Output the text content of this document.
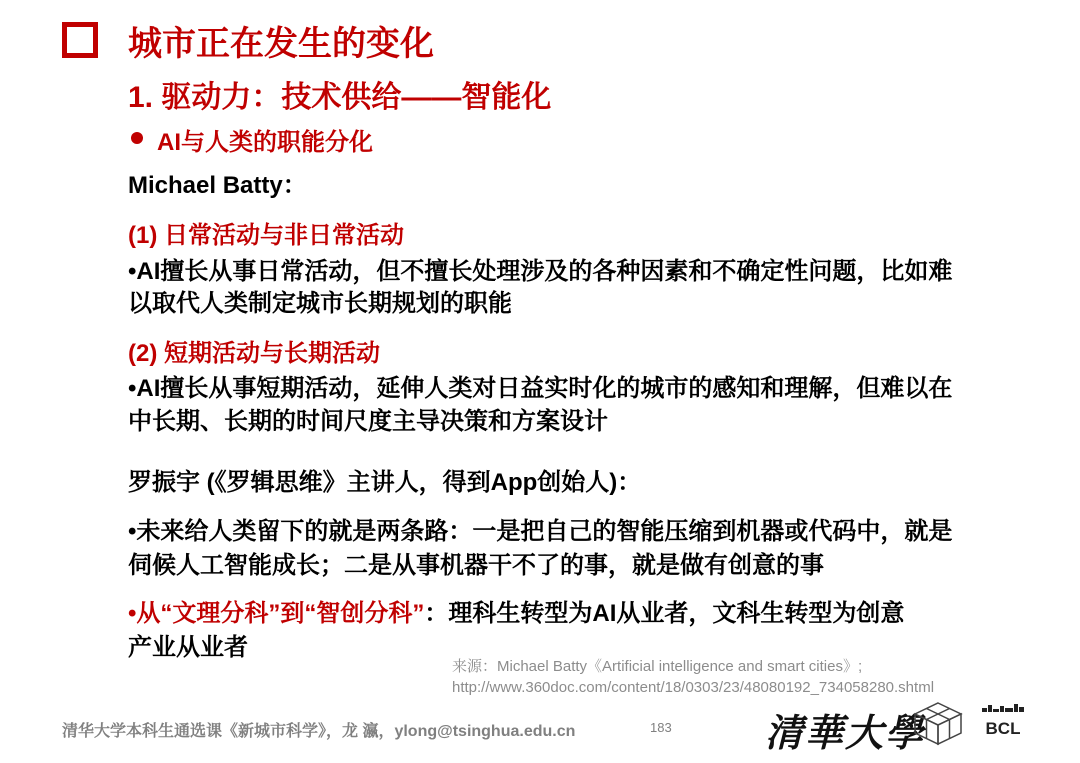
城市正在发生的变化
1. 驱动力：技术供给——智能化
AI与人类的职能分化
Michael Batty：
(1) 日常活动与非日常活动
•AI擅长从事日常活动，但不擅长处理涉及的各种因素和不确定性问题，比如难
以取代人类制定城市长期规划的职能
(2) 短期活动与长期活动
•AI擅长从事短期活动，延伸人类对日益实时化的城市的感知和理解，但难以在
中长期、长期的时间尺度主导决策和方案设计
罗振宇 (《罗辑思维》主讲人，得到App创始人)：
•未来给人类留下的就是两条路：一是把自己的智能压缩到机器或代码中，就是
伺候人工智能成长；二是从事机器干不了的事，就是做有创意的事
•从“文理分科”到“智创分科”：理科生转型为AI从业者，文科生转型为创意
产业从业者
来源：Michael Batty《Artificial intelligence and smart cities》;
http://www.360doc.com/content/18/0303/23/48080192_734058280.shtml
清华大学本科生通选课《新城市科学》，龙 瀛，ylong@tsinghua.edu.cn	183 清華大學	BCL
